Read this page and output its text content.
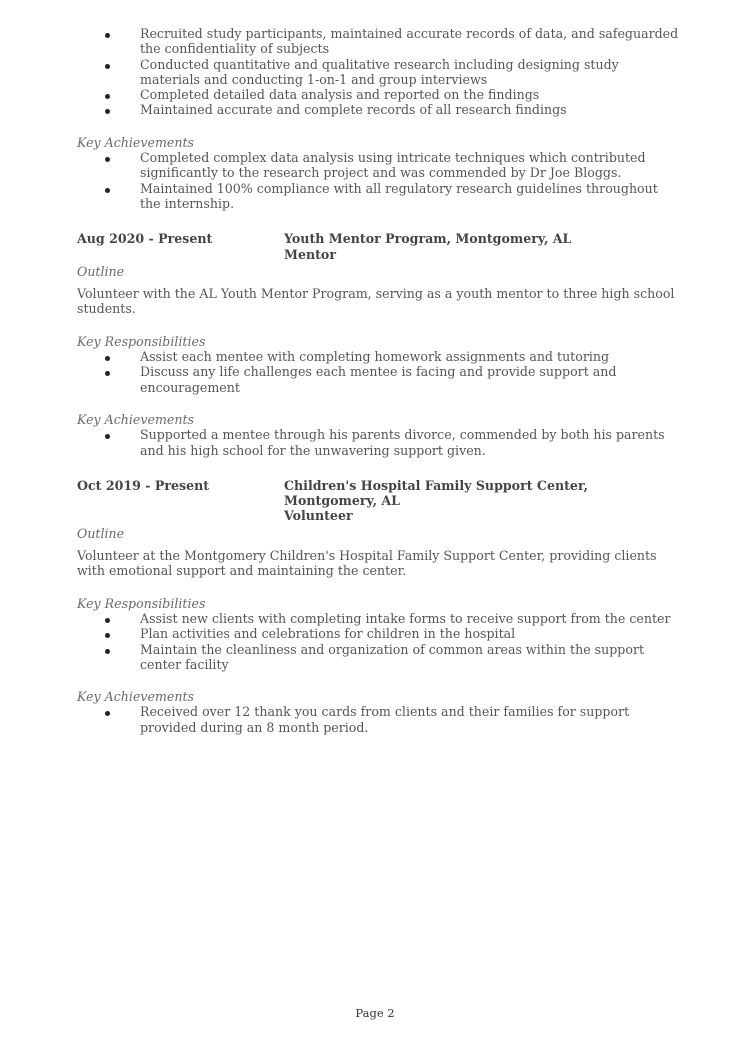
Recruited study participants, maintained accurate records of data, and safeguarded the confidentiality of subjects
Conducted quantitative and qualitative research including designing study materials and conducting 1-on-1 and group interviews
Completed detailed data analysis and reported on the findings
Maintained accurate and complete records of all research findings
Key Achievements
Completed complex data analysis using intricate techniques which contributed significantly to the research project and was commended by Dr Joe Bloggs.
Maintained 100% compliance with all regulatory research guidelines throughout the internship.
Aug 2020 - Present	Youth Mentor Program, Montgomery, AL
Mentor
Outline

Volunteer with the AL Youth Mentor Program, serving as a youth mentor to three high school students.

Key Responsibilities
Assist each mentee with completing homework assignments and tutoring
Discuss any life challenges each mentee is facing and provide support and encouragement
Key Achievements
Supported a mentee through his parents divorce, commended by both his parents and his high school for the unwavering support given.
Oct 2019 - Present	Children's Hospital Family Support Center, Montgomery, AL
Volunteer
Outline

Volunteer at the Montgomery Children's Hospital Family Support Center, providing clients with emotional support and maintaining the center.

Key Responsibilities
Assist new clients with completing intake forms to receive support from the center
Plan activities and celebrations for children in the hospital
Maintain the cleanliness and organization of common areas within the support center facility
Key Achievements
Received over 12 thank you cards from clients and their families for support provided during an 8 month period.
Page 2
